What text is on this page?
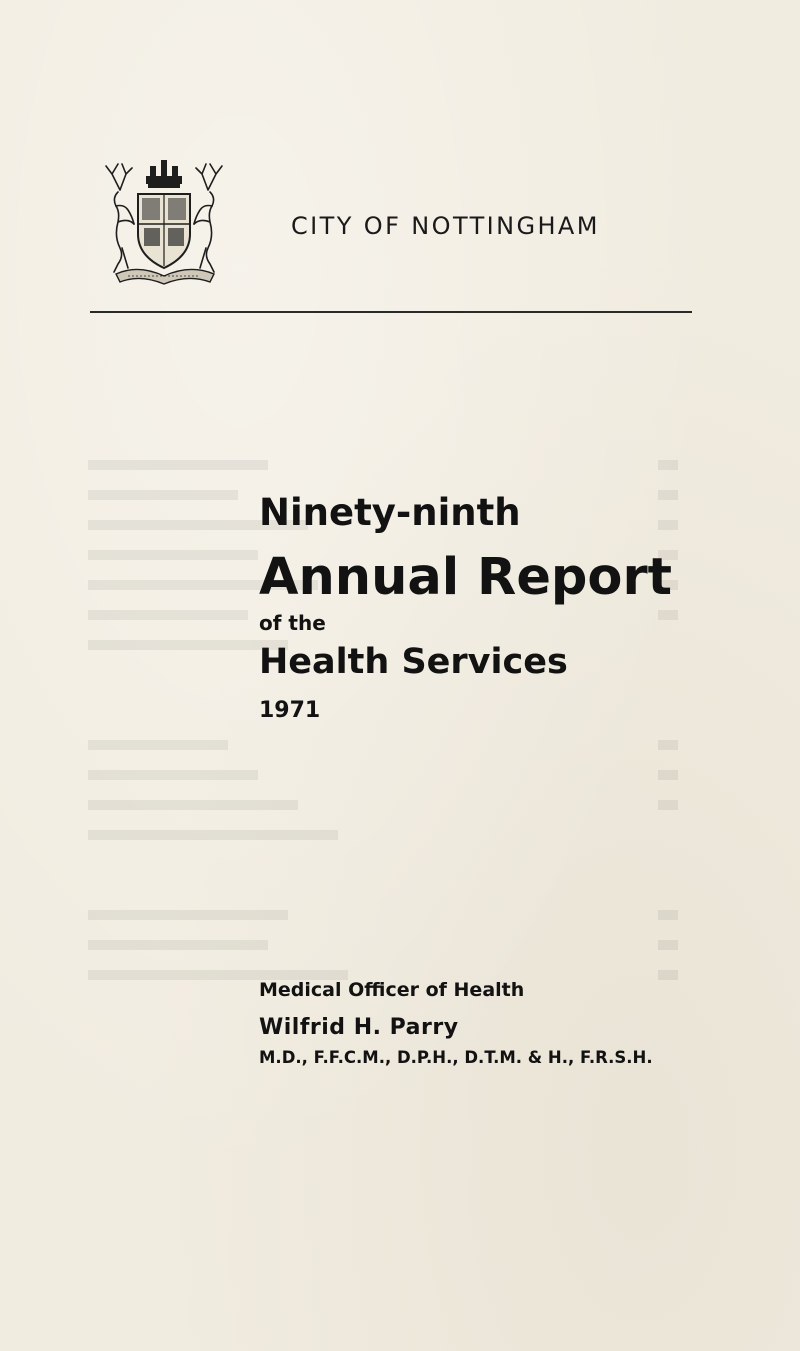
CITY OF NOTTINGHAM
Ninety-ninth
Annual Report
of the
Health Services
1971
Medical Officer of Health
Wilfrid H. Parry
M.D., F.F.C.M., D.P.H., D.T.M. & H., F.R.S.H.
